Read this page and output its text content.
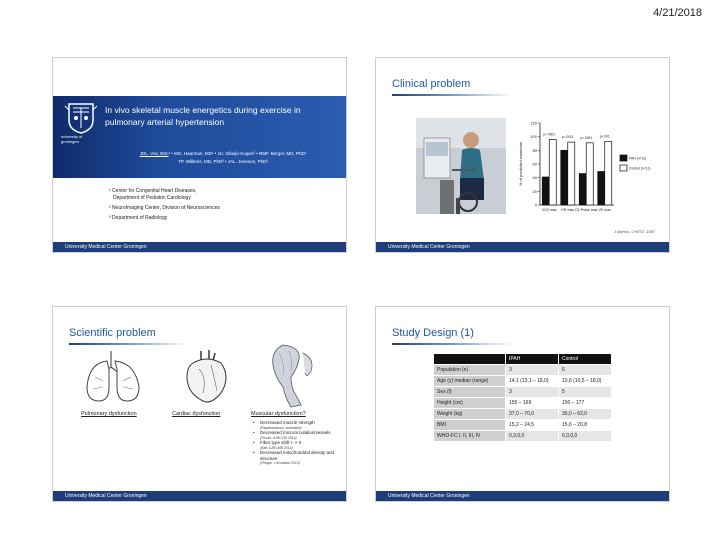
4/21/2018
university of
groningen
In vivo skeletal muscle energetics during exercise in pulmonary arterial hypertension
JDL. Vos, BSc¹ • MG. Haarman, MD¹ • JU. Sibeijn-Kuiper² • RMF. Berger, MD, PhD¹
TP. Willems, MD, PhD³ • JAL. Jeneson, PhD²
¹ Center for Congenital Heart Diseases,
Department of Pediatric Cardiology
² NeuroImaging Center, Division of Neurosciences
³ Department of Radiology
University Medical Center Groningen
Clinical problem
0
20
40
60
80
100
120
% of predicted maximum
p<.0001
VO2 max
p=.0001
HR max
p=.0001
O2 Pulse max
p<.001
VE max
PAH (n=11)
Control (n=11)
J Marino, CHEST 1987
University Medical Center Groningen
Scientific problem
Pulmonary dysfunction	Cardiac dysfunction	Muscular dysfunction?
• Decreased muscle strength
(Papathanasiou, submitted)
• Decreased microcirculation/vessels
(Fosuci, AJRCCM 2014)
• Fiber type shift I -> II
(Batt, AJRCMB 2014)
• Decreased mitochondrial density and structure
(Pilinger, Circulation 2013)
University Medical Center Groningen
Study Design (1)
	IPAH	Control
Population (n)	3	6
Age (y) median (range)	14,1 (13,1 – 18,0)	13,6 (10,5 – 18,0)
Sex (f)	3	5
Height (cm)	155 – 169	150 – 177
Weight (kg)	37,0 – 70,0	35,0 – 62,0
BMI	15,2 – 24,5	15,6 – 20,8
WHO-FC I, II, III, IV	0,3,0,0	6,0,0,0
University Medical Center Groningen
